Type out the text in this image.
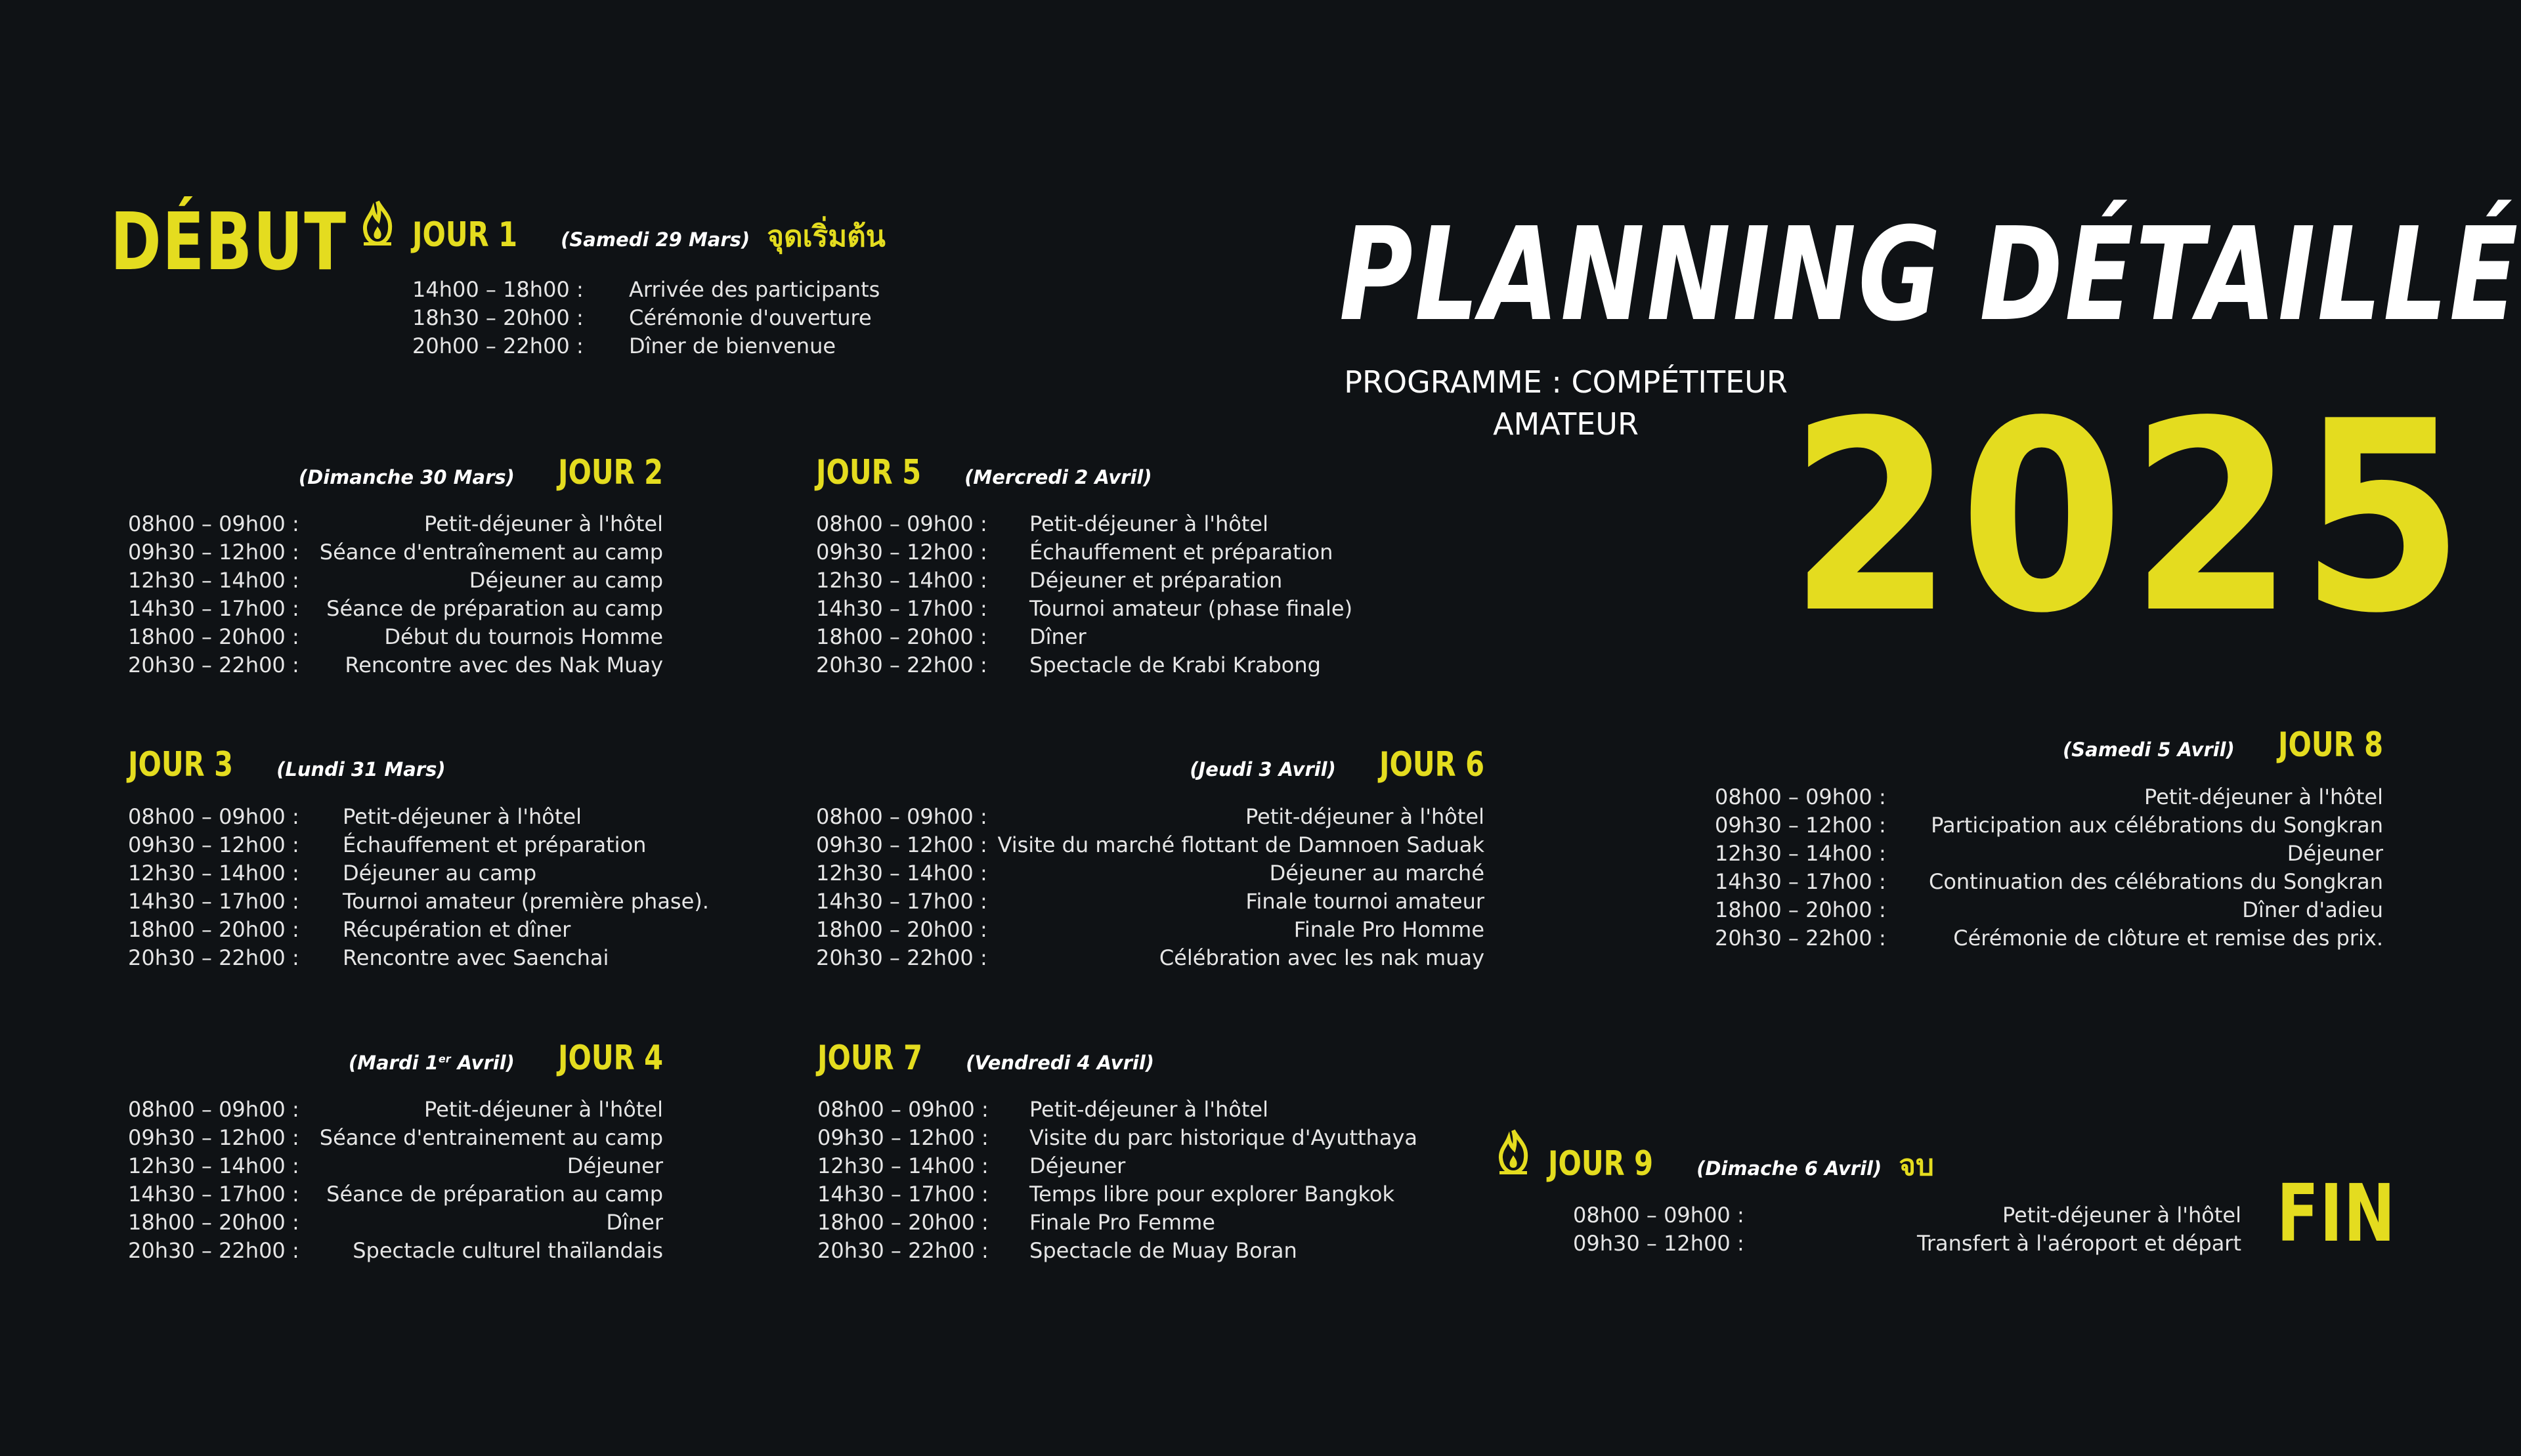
DÉBUT	PLANNING DÉTAILLÉ
PROGRAMME : COMPÉTITEUR
AMATEUR 2025
JOUR 1 (Samedi 29 Mars) จุดเริ่มต้น
14h00 – 18h00 :	Arrivée des participants
18h30 – 20h00 :	Cérémonie d'ouverture
20h00 – 22h00 :	Dîner de bienvenue
(Dimanche 30 Mars) JOUR 2
08h00 – 09h00 :	Petit-déjeuner à l'hôtel
09h30 – 12h00 : Séance d'entraînement au camp
12h30 – 14h00 :	Déjeuner au camp
14h30 – 17h00 :	Séance de préparation au camp
18h00 – 20h00 :	Début du tournois Homme
20h30 – 22h00 :	Rencontre avec des Nak Muay
JOUR 5 (Mercredi 2 Avril)
08h00 – 09h00 :	Petit-déjeuner à l'hôtel
09h30 – 12h00 :	Échauffement et préparation
12h30 – 14h00 :	Déjeuner et préparation
14h30 – 17h00 :	Tournoi amateur (phase finale)
18h00 – 20h00 :	Dîner
20h30 – 22h00 :	Spectacle de Krabi Krabong
JOUR 3 (Lundi 31 Mars)
08h00 – 09h00 :	Petit-déjeuner à l'hôtel
09h30 – 12h00 :	Échauffement et préparation
12h30 – 14h00 :	Déjeuner au camp
14h30 – 17h00 :	Tournoi amateur (première phase).
18h00 – 20h00 :	Récupération et dîner
20h30 – 22h00 :	Rencontre avec Saenchai
(Jeudi 3 Avril) JOUR 6
08h00 – 09h00 :	Petit-déjeuner à l'hôtel
09h30 – 12h00 : Visite du marché flottant de Damnoen Saduak
12h30 – 14h00 :	Déjeuner au marché
14h30 – 17h00 :	Finale tournoi amateur
18h00 – 20h00 :	Finale Pro Homme
20h30 – 22h00 :	Célébration avec les nak muay
(Samedi 5 Avril) JOUR 8
08h00 – 09h00 :	Petit-déjeuner à l'hôtel
09h30 – 12h00 :	Participation aux célébrations du Songkran
12h30 – 14h00 :	Déjeuner
14h30 – 17h00 :	Continuation des célébrations du Songkran
18h00 – 20h00 :	Dîner d'adieu
20h30 – 22h00 :	Cérémonie de clôture et remise des prix.
(Mardi 1er Avril) JOUR 4
08h00 – 09h00 :	Petit-déjeuner à l'hôtel
09h30 – 12h00 : Séance d'entrainement au camp
12h30 – 14h00 :	Déjeuner
14h30 – 17h00 :	Séance de préparation au camp
18h00 – 20h00 :	Dîner
20h30 – 22h00 :	Spectacle culturel thaïlandais
JOUR 7 (Vendredi 4 Avril)
08h00 – 09h00 :	Petit-déjeuner à l'hôtel
09h30 – 12h00 :	Visite du parc historique d'Ayutthaya
12h30 – 14h00 :	Déjeuner
14h30 – 17h00 :	Temps libre pour explorer Bangkok
18h00 – 20h00 :	Finale Pro Femme
20h30 – 22h00 :	Spectacle de Muay Boran
JOUR 9 (Dimache 6 Avril) จบ
08h00 – 09h00 :	Petit-déjeuner à l'hôtel
09h30 – 12h00 :	Transfert à l'aéroport et départ FIN
